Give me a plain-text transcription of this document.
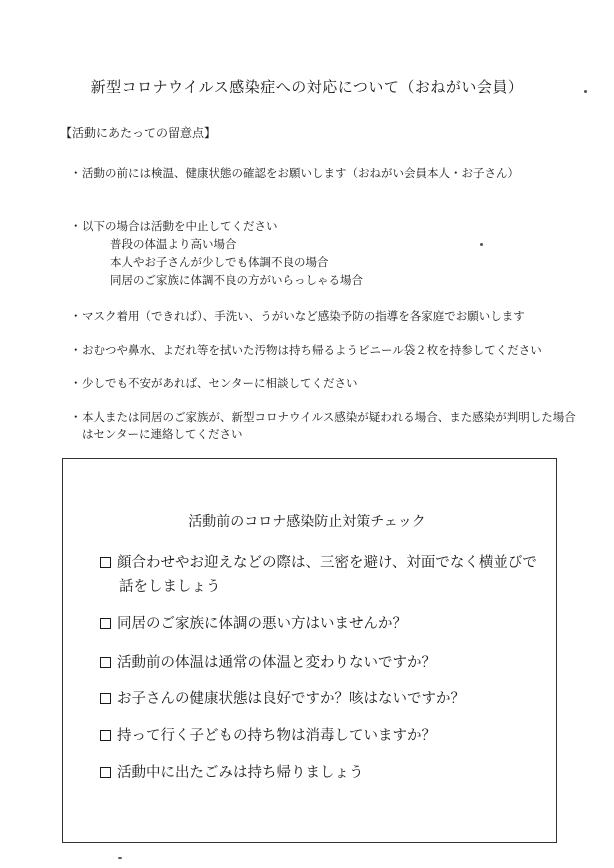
新型コロナウイルス感染症への対応について（おねがい会員）
【活動にあたっての留意点】
・活動の前には検温、健康状態の確認をお願いします（おねがい会員本人・お子さん）
・以下の場合は活動を中止してください
普段の体温より高い場合
本人やお子さんが少しでも体調不良の場合
同居のご家族に体調不良の方がいらっしゃる場合
・マスク着用（できれば）、手洗い、うがいなど感染予防の指導を各家庭でお願いします
・おむつや鼻水、よだれ等を拭いた汚物は持ち帰るようビニール袋２枚を持参してください
・少しでも不安があれば、センターに相談してください
・本人または同居のご家族が、新型コロナウイルス感染が疑われる場合、また感染が判明した場合
はセンターに連絡してください
活動前のコロナ感染防止対策チェック
顔合わせやお迎えなどの際は、三密を避け、対面でなく横並びで
話をしましょう
同居のご家族に体調の悪い方はいませんか？
活動前の体温は通常の体温と変わりないですか？
お子さんの健康状態は良好ですか？咳はないですか？
持って行く子どもの持ち物は消毒していますか？
活動中に出たごみは持ち帰りましょう
